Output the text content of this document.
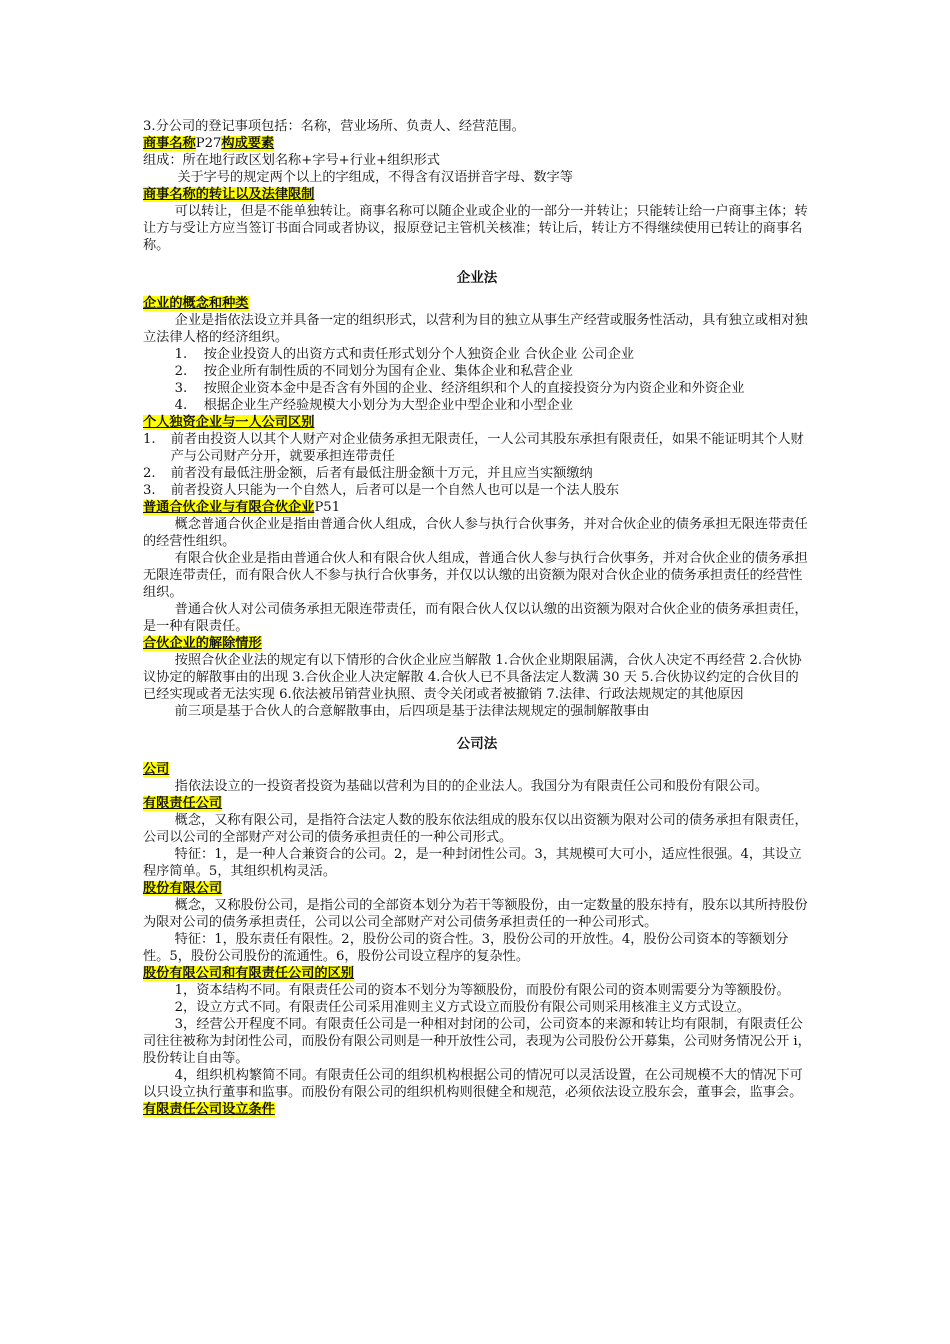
3.分公司的登记事项包括：名称，营业场所、负责人、经营范围。

商事名称P27构成要素

组成：所在地行政区划名称+字号+行业+组织形式

关于字号的规定两个以上的字组成，不得含有汉语拼音字母、数字等

商事名称的转让以及法律限制

可以转让，但是不能单独转让。商事名称可以随企业或企业的一部分一并转让；只能转让给一户商事主体；转让方与受让方应当签订书面合同或者协议，报原登记主管机关核准；转让后，转让方不得继续使用已转让的商事名称。

企业法

企业的概念和种类

企业是指依法设立并具备一定的组织形式，以营利为目的独立从事生产经营或服务性活动，具有独立或相对独立法律人格的经济组织。

1.	按企业投资人的出资方式和责任形式划分个人独资企业 合伙企业 公司企业
2.	按企业所有制性质的不同划分为国有企业、集体企业和私营企业
3.	按照企业资本金中是否含有外国的企业、经济组织和个人的直接投资分为内资企业和外资企业
4.	根据企业生产经验规模大小划分为大型企业中型企业和小型企业

个人独资企业与一人公司区别

1.	前者由投资人以其个人财产对企业债务承担无限责任，一人公司其股东承担有限责任，如果不能证明其个人财产与公司财产分开，就要承担连带责任
2.	前者没有最低注册金额，后者有最低注册金额十万元，并且应当实额缴纳
3.	前者投资人只能为一个自然人，后者可以是一个自然人也可以是一个法人股东

普通合伙企业与有限合伙企业P51

概念普通合伙企业是指由普通合伙人组成，合伙人参与执行合伙事务，并对合伙企业的债务承担无限连带责任的经营性组织。

有限合伙企业是指由普通合伙人和有限合伙人组成，普通合伙人参与执行合伙事务，并对合伙企业的债务承担无限连带责任，而有限合伙人不参与执行合伙事务，并仅以认缴的出资额为限对合伙企业的债务承担责任的经营性组织。

普通合伙人对公司债务承担无限连带责任，而有限合伙人仅以认缴的出资额为限对合伙企业的债务承担责任，是一种有限责任。

合伙企业的解除情形

按照合伙企业法的规定有以下情形的合伙企业应当解散 1.合伙企业期限届满，合伙人决定不再经营 2.合伙协议协定的解散事由的出现 3.合伙企业人决定解散 4.合伙人已不具备法定人数满 30 天 5.合伙协议约定的合伙目的已经实现或者无法实现 6.依法被吊销营业执照、责令关闭或者被撤销 7.法律、行政法规规定的其他原因

前三项是基于合伙人的合意解散事由，后四项是基于法律法规规定的强制解散事由

公司法

公司

指依法设立的一投资者投资为基础以营利为目的的企业法人。我国分为有限责任公司和股份有限公司。

有限责任公司

概念，又称有限公司，是指符合法定人数的股东依法组成的股东仅以出资额为限对公司的债务承担有限责任，公司以公司的全部财产对公司的债务承担责任的一种公司形式。

特征：1，是一种人合兼资合的公司。2，是一种封闭性公司。3，其规模可大可小，适应性很强。4，其设立程序简单。5，其组织机构灵活。

股份有限公司

概念，又称股份公司，是指公司的全部资本划分为若干等额股份，由一定数量的股东持有，股东以其所持股份为限对公司的债务承担责任，公司以公司全部财产对公司债务承担责任的一种公司形式。

特征：1，股东责任有限性。2，股份公司的资合性。3，股份公司的开放性。4，股份公司资本的等额划分性。5，股份公司股份的流通性。6，股份公司设立程序的复杂性。

股份有限公司和有限责任公司的区别

1，资本结构不同。有限责任公司的资本不划分为等额股份，而股份有限公司的资本则需要分为等额股份。

2，设立方式不同。有限责任公司采用准则主义方式设立而股份有限公司则采用核准主义方式设立。

3，经营公开程度不同。有限责任公司是一种相对封闭的公司，公司资本的来源和转让均有限制，有限责任公司往往被称为封闭性公司，而股份有限公司则是一种开放性公司，表现为公司股份公开募集，公司财务情况公开 i，股份转让自由等。

4，组织机构繁简不同。有限责任公司的组织机构根据公司的情况可以灵活设置，在公司规模不大的情况下可以只设立执行董事和监事。而股份有限公司的组织机构则很健全和规范，必须依法设立股东会，董事会，监事会。

有限责任公司设立条件
